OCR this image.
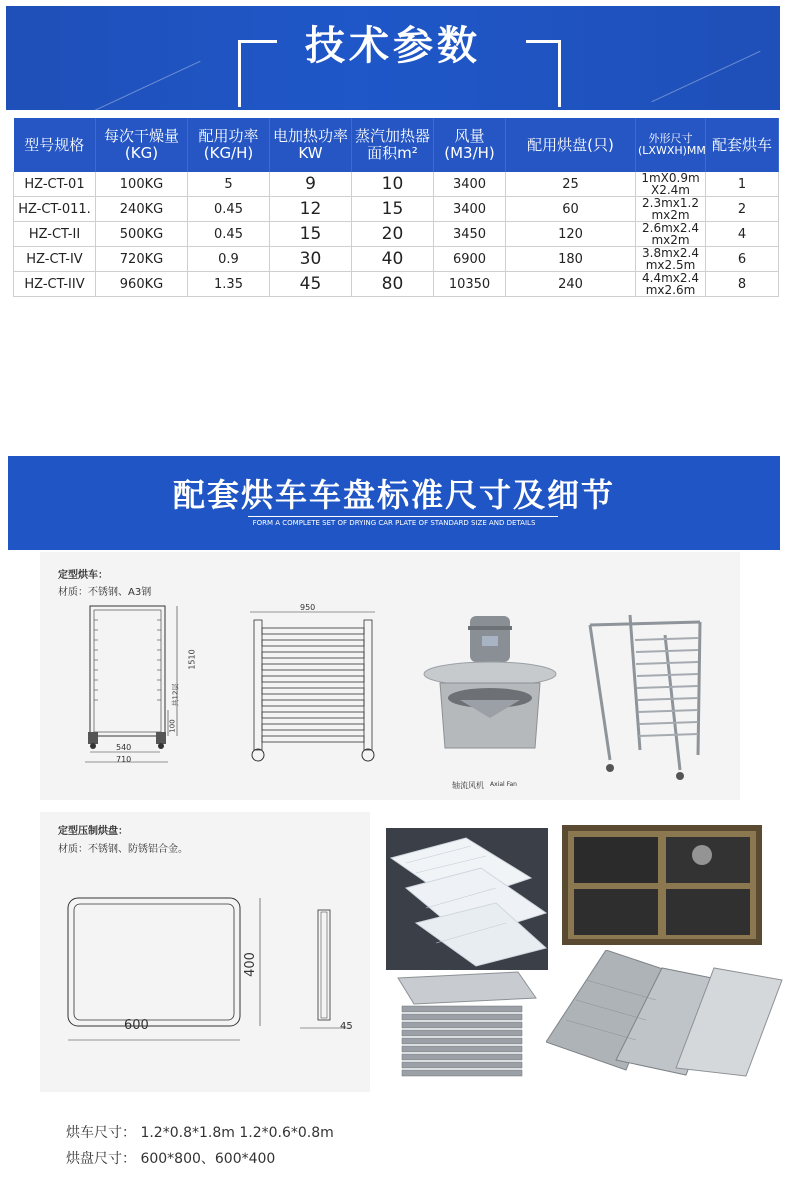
技术参数
型号规格	每次干燥量(KG)	配用功率(KG/H)	电加热功率KW	蒸汽加热器面积m²	风量(M3/H)	配用烘盘(只)	外形尺寸(LXWXH)MM	配套烘车
HZ-CT-01	100KG	5	9	10	3400	25	1mX0.9m X2.4m	1
HZ-CT-011.	240KG	0.45	12	15	3400	60	2.3mx1.2 mx2m	2
HZ-CT-II	500KG	0.45	15	20	3450	120	2.6mx2.4 mx2m	4
HZ-CT-IV	720KG	0.9	30	40	6900	180	3.8mx2.4 mx2.5m	6
HZ-CT-IIV	960KG	1.35	45	80	10350	240	4.4mx2.4 mx2.6m	8
配套烘车车盘标准尺寸及细节
FORM A COMPLETE SET OF DRYING CAR PLATE OF STANDARD SIZE AND DETAILS
定型烘车：
材质：不锈钢、A3钢
1510
共12层
100
540
710
950
轴流风机 Axial Fan
定型压制烘盘：
材质：不锈钢、防锈铝合金。
400
600	45
烘车尺寸： 1.2*0.8*1.8m 1.2*0.6*0.8m
烘盘尺寸： 600*800、600*400
